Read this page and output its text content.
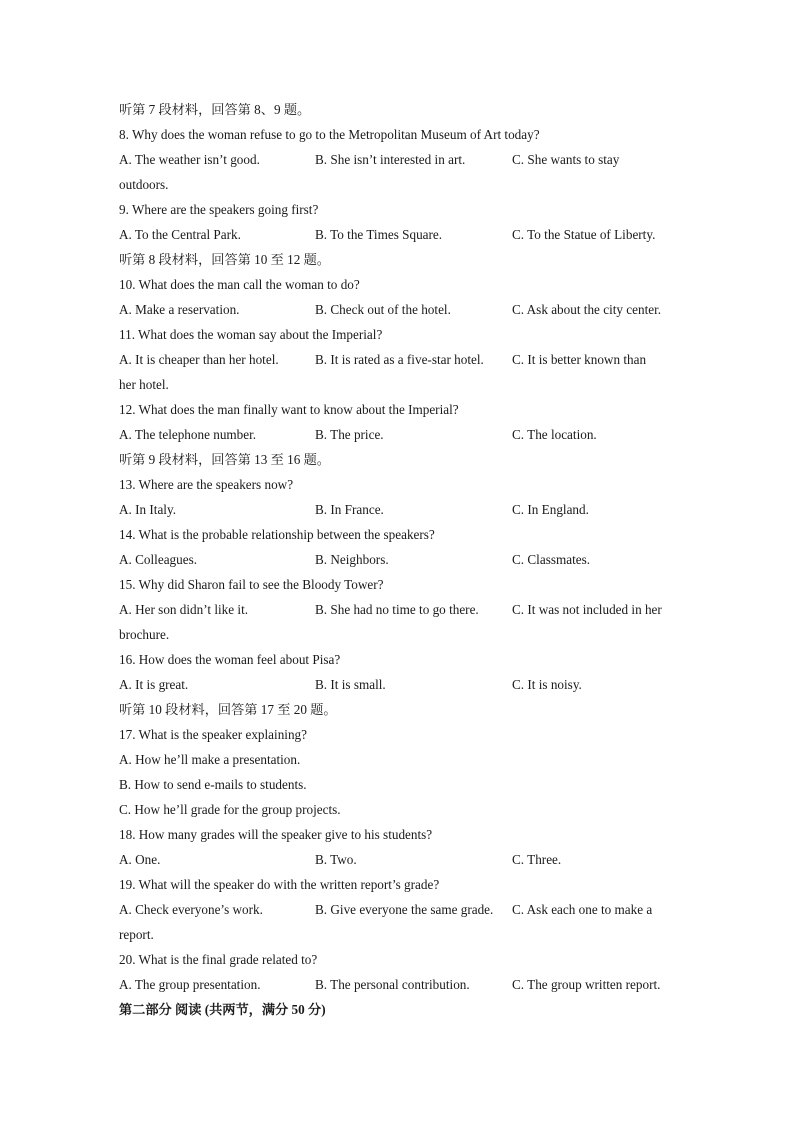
听第 7 段材料，回答第 8、9 题。
8. Why does the woman refuse to go to the Metropolitan Museum of Art today?
A. The weather isn’t good.	B. She isn’t interested in art.	C. She wants to stay
outdoors.
9. Where are the speakers going first?
A. To the Central Park.	B. To the Times Square.	C. To the Statue of Liberty.
听第 8 段材料，回答第 10 至 12 题。
10. What does the man call the woman to do?
A. Make a reservation.	B. Check out of the hotel.	C. Ask about the city center.
11. What does the woman say about the Imperial?
A. It is cheaper than her hotel.	B. It is rated as a five-star hotel. C. It is better known than
her hotel.
12. What does the man finally want to know about the Imperial?
A. The telephone number.	B. The price.	C. The location.
听第 9 段材料，回答第 13 至 16 题。
13. Where are the speakers now?
A. In Italy.	B. In France.	C. In England.
14. What is the probable relationship between the speakers?
A. Colleagues.	B. Neighbors.	C. Classmates.
15. Why did Sharon fail to see the Bloody Tower?
A. Her son didn’t like it.	B. She had no time to go there.	C. It was not included in her
brochure.
16. How does the woman feel about Pisa?
A. It is great.	B. It is small.	C. It is noisy.
听第 10 段材料，回答第 17 至 20 题。
17. What is the speaker explaining?
A. How he’ll make a presentation.
B. How to send e-mails to students.
C. How he’ll grade for the group projects.
18. How many grades will the speaker give to his students?
A. One.	B. Two.	C. Three.
19. What will the speaker do with the written report’s grade?
A. Check everyone’s work.	B. Give everyone the same grade. C. Ask each one to make a
report.
20. What is the final grade related to?
A. The group presentation.	B. The personal contribution.	C. The group written report.
第二部分 阅读 (共两节，满分 50 分)
